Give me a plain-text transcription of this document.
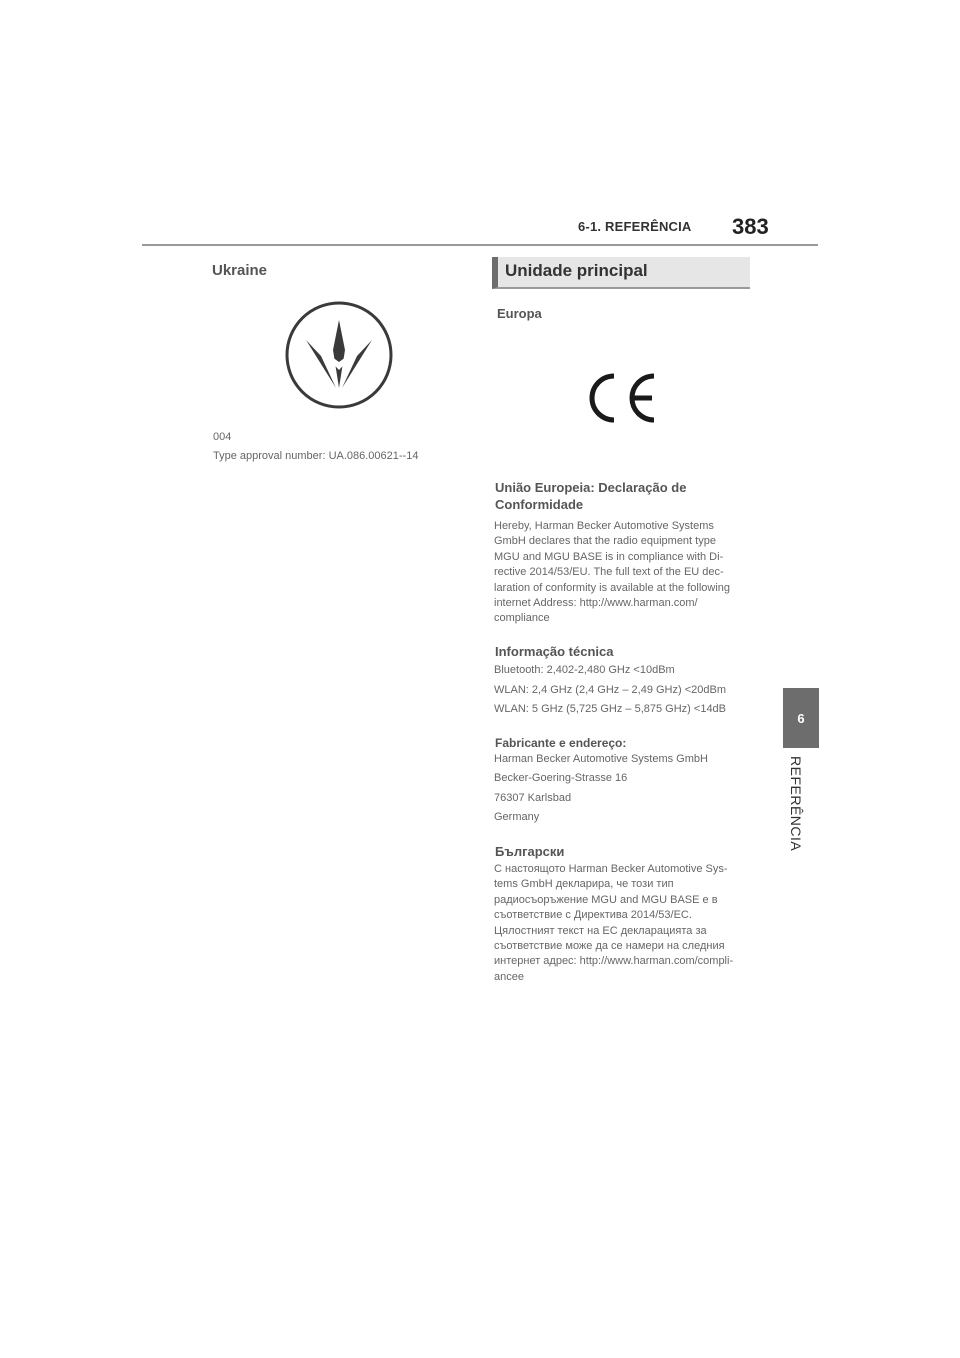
6-1. REFERÊNCIA 383
6
REFERÊNCIA
Ukraine
004
Type approval number: UA.086.00621--14
Unidade principal
Europa
União Europeia: Declaração de
Conformidade
Hereby, Harman Becker Automotive Systems
GmbH declares that the radio equipment type
MGU and MGU BASE is in compliance with Di-
rective 2014/53/EU. The full text of the EU dec-
laration of conformity is available at the following
internet Address: http://www.harman.com/
compliance
Informação técnica
Bluetooth: 2,402-2,480 GHz <10dBm
WLAN: 2,4 GHz (2,4 GHz – 2,49 GHz) <20dBm
WLAN: 5 GHz (5,725 GHz – 5,875 GHz) <14dB
Fabricante e endereço:
Harman Becker Automotive Systems GmbH
Becker-Goering-Strasse 16
76307 Karlsbad
Germany
Български
С настоящото Harman Becker Automotive Sys-
tems GmbH декларира, че този тип
радиосъоръжение MGU and MGU BASE е в
съответствие с Директива 2014/53/ЕС.
Цялостният текст на ЕС декларацията за
съответствие може да се намери на следния
интернет адрес: http://www.harman.com/compli-
ancee
